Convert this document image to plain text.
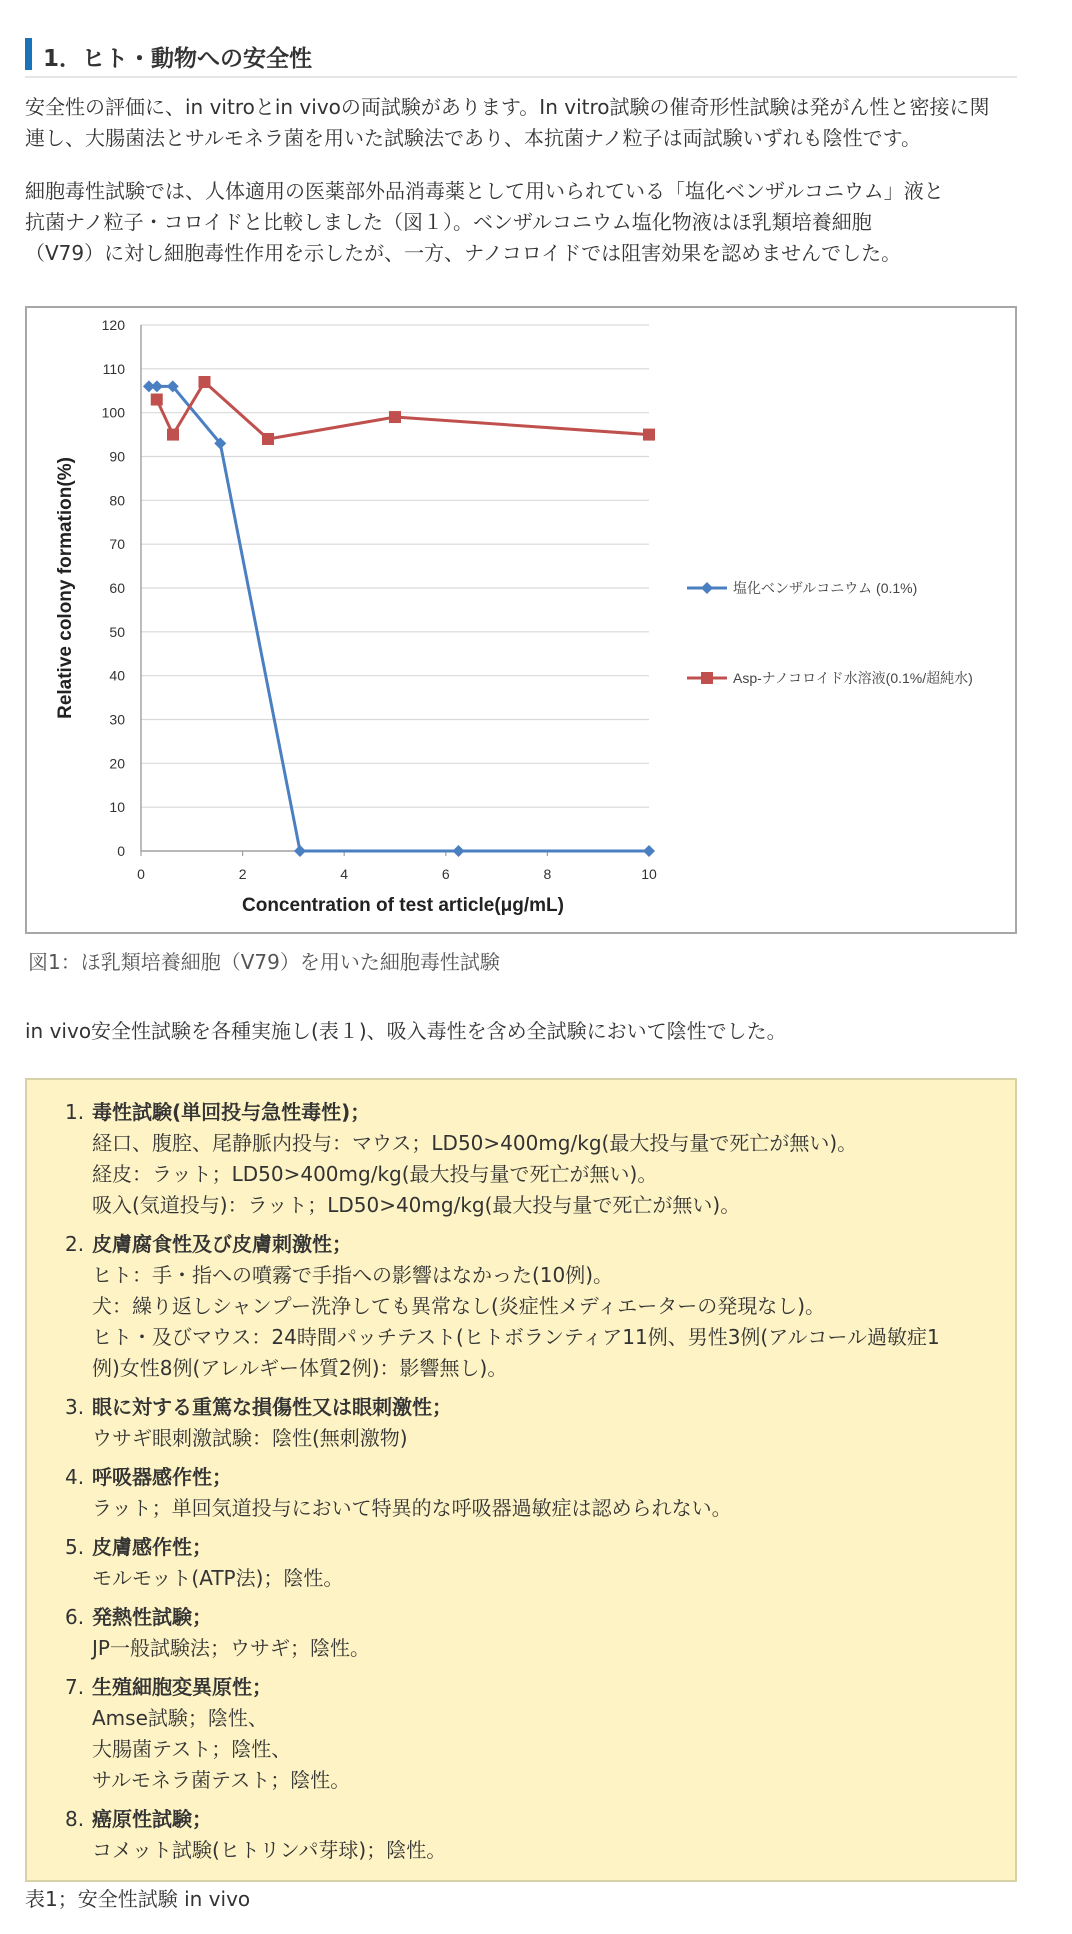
1．ヒト・動物への安全性
安全性の評価に、in vitroとin vivoの両試験があります。In vitro試験の催奇形性試験は発がん性と密接に関
連し、大腸菌法とサルモネラ菌を用いた試験法であり、本抗菌ナノ粒子は両試験いずれも陰性です。
細胞毒性試験では、人体適用の医薬部外品消毒薬として用いられている「塩化ベンザルコニウム」液と
抗菌ナノ粒子・コロイドと比較しました（図１）。ベンザルコニウム塩化物液はほ乳類培養細胞
（V79）に対し細胞毒性作用を示したが、一方、ナノコロイドでは阻害効果を認めませんでした。
0
10
20
30
40
50
60
70
80
90
100
110
120
0	2	4	6	8	10
Concentration of test article(μg/mL)
Relative colony formation(%)	塩化ベンザルコニウム (0.1%)
Asp-ナノコロイド水溶液(0.1%/超純水)

図1：ほ乳類培養細胞（V79）を用いた細胞毒性試験

in vivo安全性試験を各種実施し(表１)、吸入毒性を含め全試験において陰性でした。

1. 毒性試験(単回投与急性毒性)；
経口、腹腔、尾静脈内投与：マウス；LD50>400mg/kg(最大投与量で死亡が無い)。
経皮：ラット；LD50>400mg/kg(最大投与量で死亡が無い)。
吸入(気道投与)：ラット；LD50>40mg/kg(最大投与量で死亡が無い)。
2. 皮膚腐食性及び皮膚刺激性；
ヒト：手・指への噴霧で手指への影響はなかった(10例)。
犬：繰り返しシャンプー洗浄しても異常なし(炎症性メディエーターの発現なし)。
ヒト・及びマウス：24時間パッチテスト(ヒトボランティア11例、男性3例(アルコール過敏症1
例)女性8例(アレルギー体質2例)：影響無し)。
3. 眼に対する重篤な損傷性又は眼刺激性；
ウサギ眼刺激試験：陰性(無刺激物)
4. 呼吸器感作性；
ラット；単回気道投与において特異的な呼吸器過敏症は認められない。
5. 皮膚感作性；
モルモット(ATP法)；陰性。
6. 発熱性試験；
JP一般試験法；ウサギ；陰性。
7. 生殖細胞変異原性；
Amse試験；陰性、
大腸菌テスト；陰性、
サルモネラ菌テスト；陰性。
8. 癌原性試験；
コメット試験(ヒトリンパ芽球)；陰性。

表1；安全性試験 in vivo
